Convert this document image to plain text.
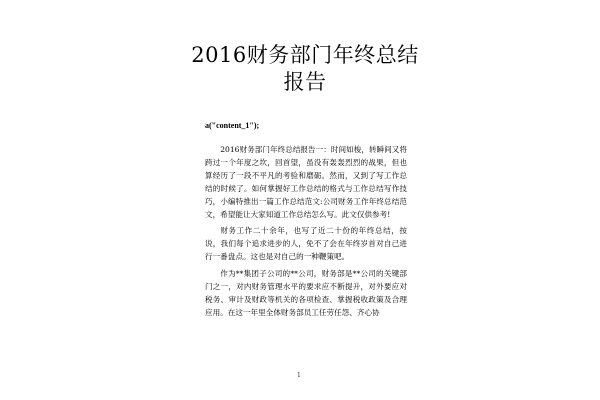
2016财务部门年终总结报告
a("content_1");

2016财务部门年终总结报告一：时间如梭，转瞬间又将跨过一个年度之坎，回首望，虽没有轰轰烈烈的战果，但也算经历了一段不平凡的考验和磨砺。然而，又到了写工作总结的时候了。如何掌握好工作总结的格式与工作总结写作技巧，小编特推出一篇工作总结范文:公司财务工作年终总结范文，希望能让大家知道工作总结怎么写。此文仅供参考!

财务工作二十余年，也写了近二十份的年终总结，按说，我们每个追求进步的人，免不了会在年终岁首对自己进行一番盘点。这也是对自己的一种鞭策吧。

作为**集团子公司的**公司，财务部是**公司的关键部门之一，对内财务管理水平的要求应不断提升，对外要应对税务、审计及财政等机关的各项检查、掌握税收政策及合理应用。在这一年里全体财务部员工任劳任怨、齐心协

1
